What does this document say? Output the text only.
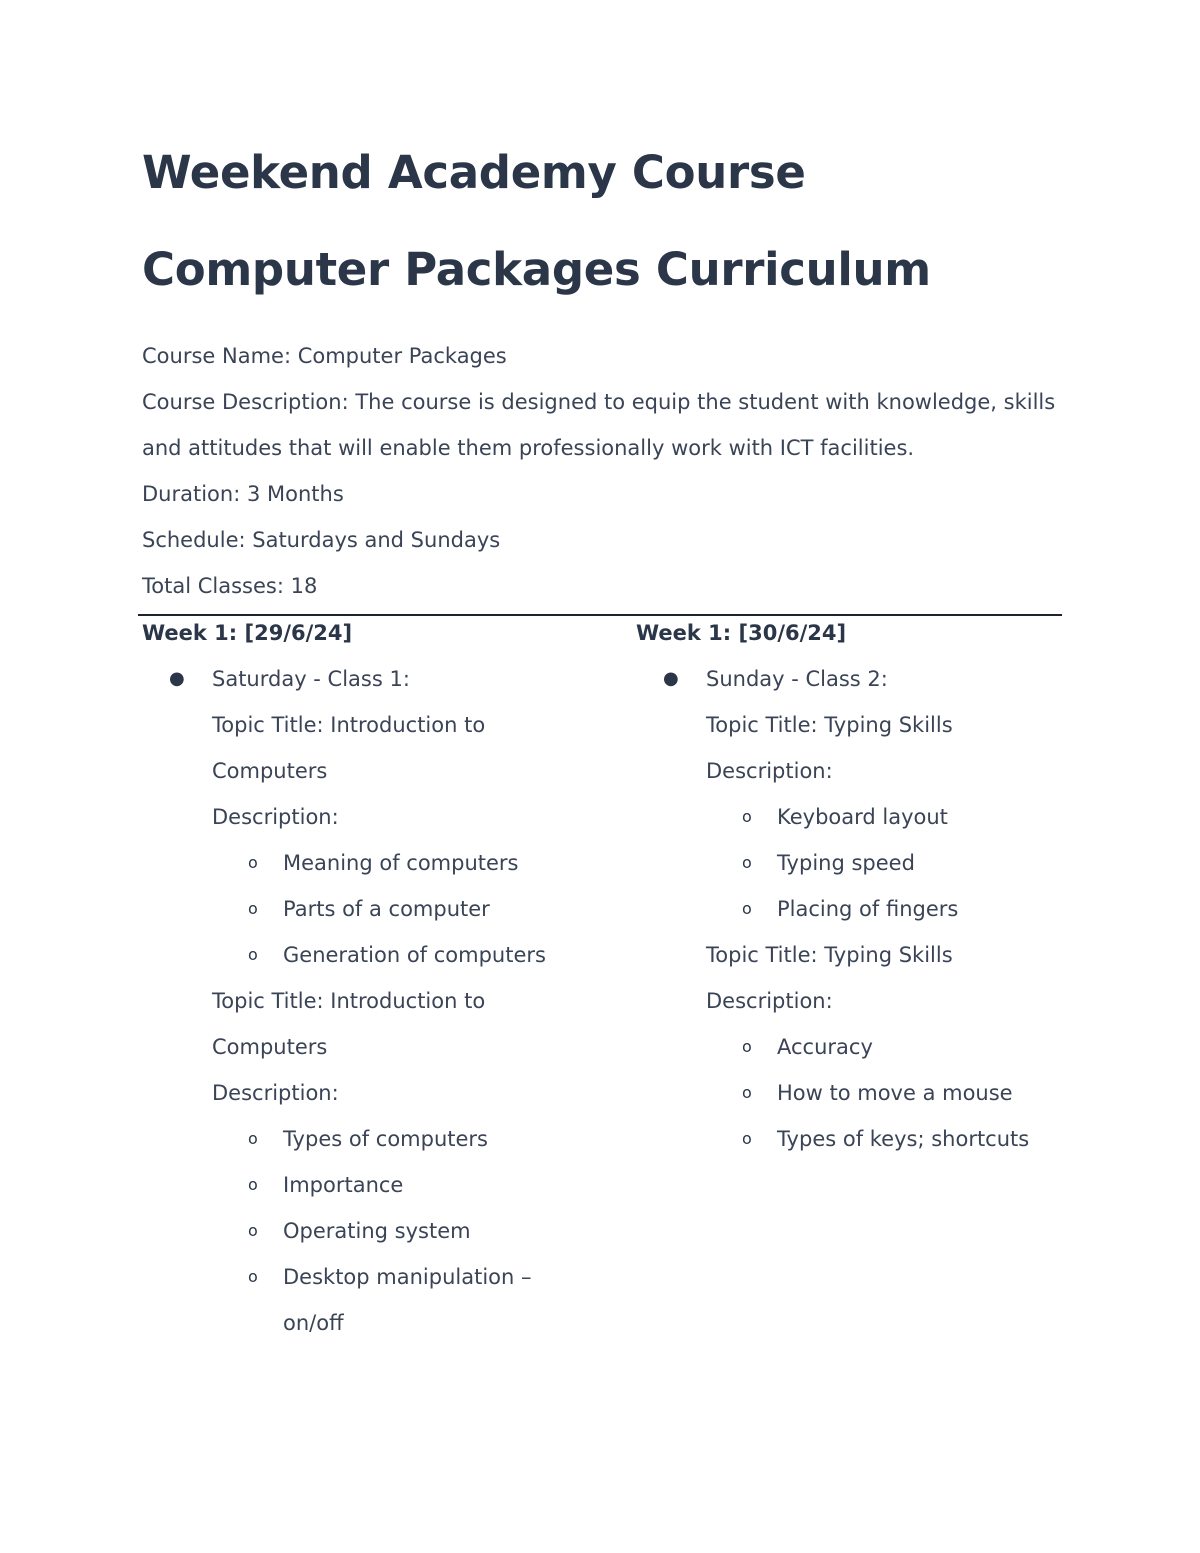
Weekend Academy Course
Computer Packages Curriculum

Course Name: Computer Packages

Course Description: The course is designed to equip the student with knowledge, skills and attitudes that will enable them professionally work with ICT facilities.

Duration: 3 Months

Schedule: Saturdays and Sundays

Total Classes: 18

Week 1: [29/6/24]

● Saturday - Class 1:

Topic Title: Introduction to

Computers

Description:

o Meaning of computers
o Parts of a computer
o Generation of computers

Topic Title: Introduction to

Computers

Description:

o Types of computers
o Importance
o Operating system
o Desktop manipulation –
on/off

Week 1: [30/6/24]

● Sunday - Class 2:

Topic Title: Typing Skills

Description:

o Keyboard layout
o Typing speed
o Placing of fingers

Topic Title: Typing Skills

Description:

o Accuracy
o How to move a mouse
o Types of keys; shortcuts
